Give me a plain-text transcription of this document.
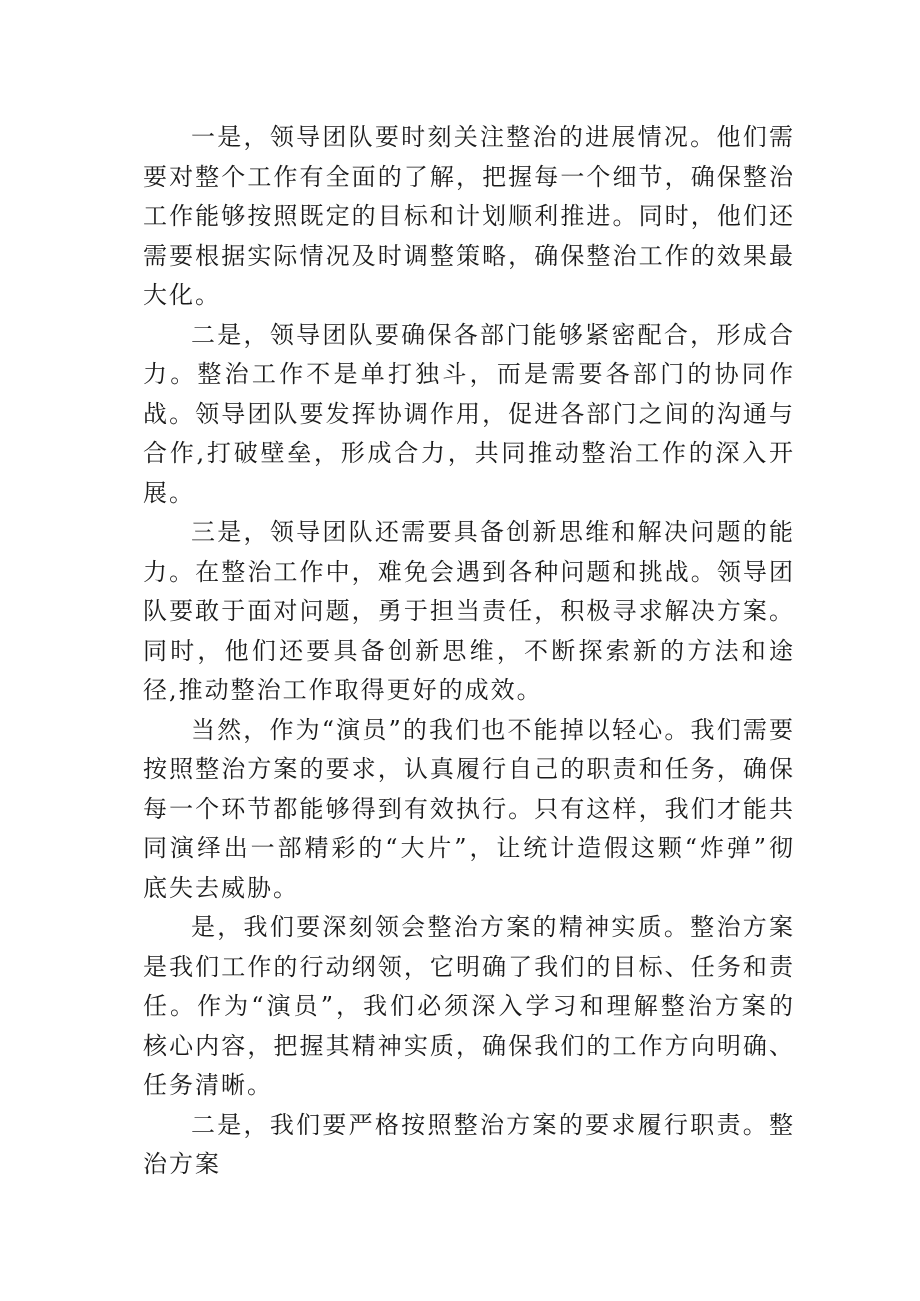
一是，领导团队要时刻关注整治的进展情况。他们需要对整个工作有全面的了解，把握每一个细节，确保整治工作能够按照既定的目标和计划顺利推进。同时，他们还需要根据实际情况及时调整策略，确保整治工作的效果最大化。

二是，领导团队要确保各部门能够紧密配合，形成合力。整治工作不是单打独斗，而是需要各部门的协同作战。领导团队要发挥协调作用，促进各部门之间的沟通与合作,打破壁垒，形成合力，共同推动整治工作的深入开展。

三是，领导团队还需要具备创新思维和解决问题的能力。在整治工作中，难免会遇到各种问题和挑战。领导团队要敢于面对问题，勇于担当责任，积极寻求解决方案。同时，他们还要具备创新思维，不断探索新的方法和途径,推动整治工作取得更好的成效。

当然，作为“演员”的我们也不能掉以轻心。我们需要按照整治方案的要求，认真履行自己的职责和任务，确保每一个环节都能够得到有效执行。只有这样，我们才能共同演绎出一部精彩的“大片”，让统计造假这颗“炸弹”彻底失去威胁。

是，我们要深刻领会整治方案的精神实质。整治方案是我们工作的行动纲领，它明确了我们的目标、任务和责任。作为“演员”，我们必须深入学习和理解整治方案的核心内容，把握其精神实质，确保我们的工作方向明确、任务清晰。

二是，我们要严格按照整治方案的要求履行职责。整治方案
